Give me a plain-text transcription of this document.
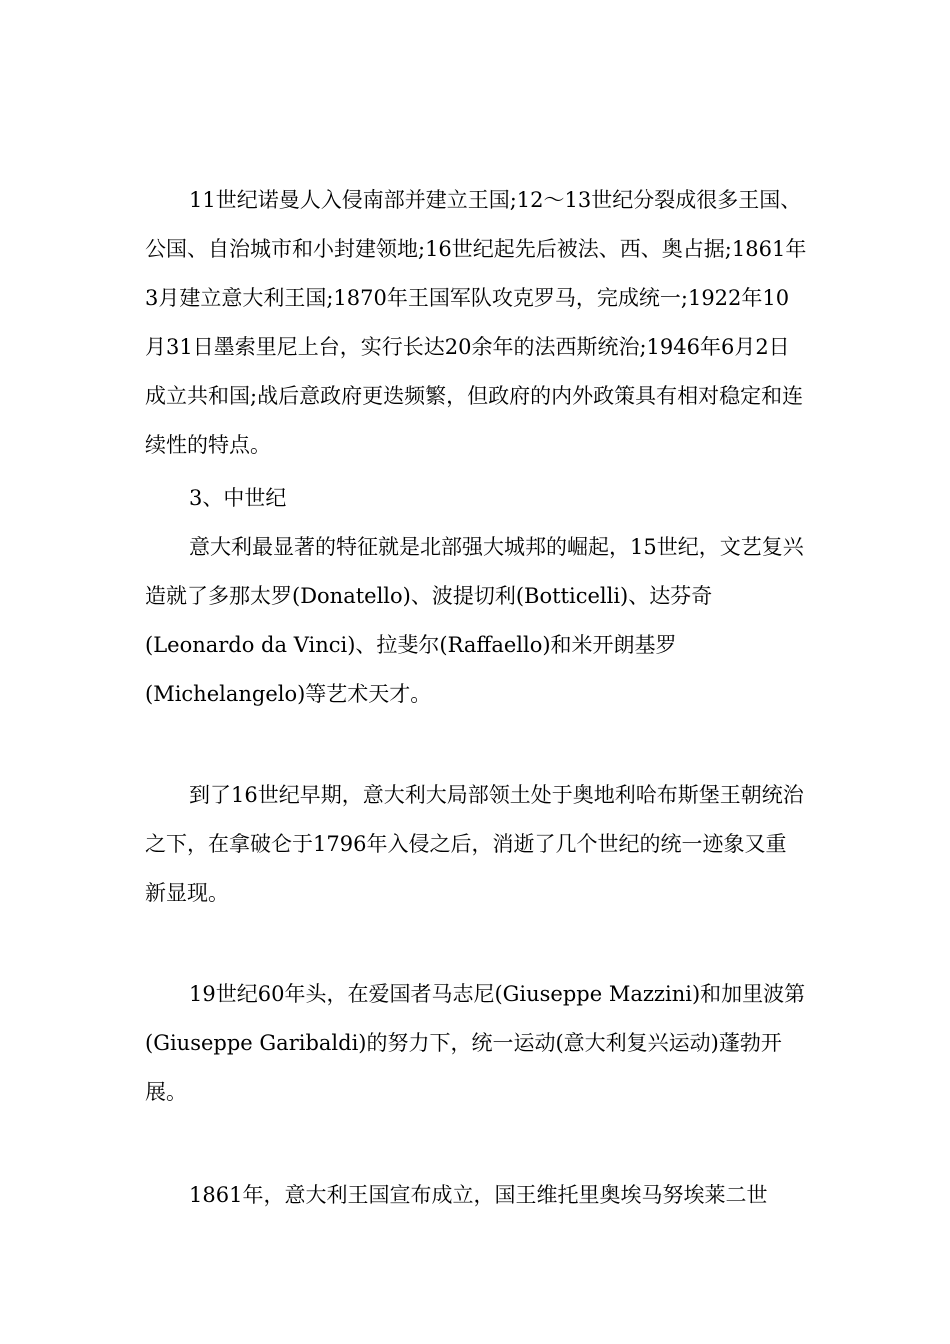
11世纪诺曼人入侵南部并建立王国;12～13世纪分裂成很多王国、公国、自治城市和小封建领地;16世纪起先后被法、西、奥占据;1861年3月建立意大利王国;1870年王国军队攻克罗马，完成统一;1922年10月31日墨索里尼上台，实行长达20余年的法西斯统治;1946年6月2日成立共和国;战后意政府更迭频繁，但政府的内外政策具有相对稳定和连续性的特点。

3、中世纪

意大利最显著的特征就是北部强大城邦的崛起，15世纪，文艺复兴造就了多那太罗(Donatello)、波提切利(Botticelli)、达芬奇(Leonardo da Vinci)、拉斐尔(Raffaello)和米开朗基罗(Michelangelo)等艺术天才。

到了16世纪早期，意大利大局部领土处于奥地利哈布斯堡王朝统治之下，在拿破仑于1796年入侵之后，消逝了几个世纪的统一迹象又重新显现。

19世纪60年头，在爱国者马志尼(Giuseppe Mazzini)和加里波第(Giuseppe Garibaldi)的努力下，统一运动(意大利复兴运动)蓬勃开展。

1861年，意大利王国宣布成立，国王维托里奥埃马努埃莱二世
